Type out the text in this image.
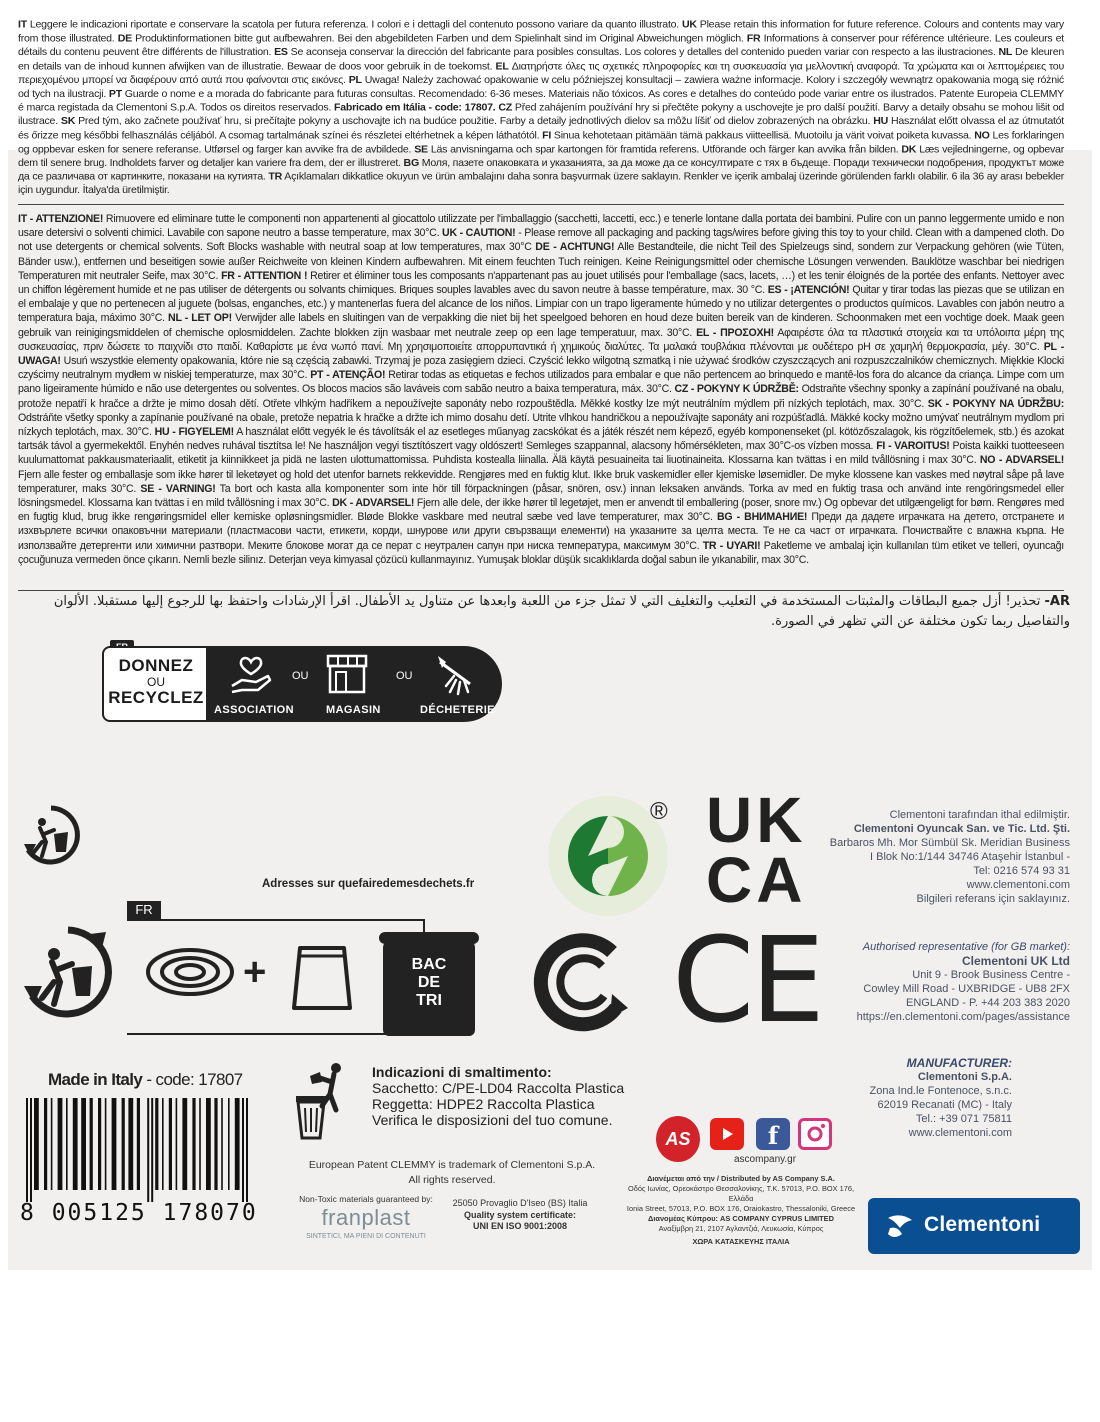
IT Leggere le indicazioni riportate e conservare la scatola per futura referenza. I colori e i dettagli del contenuto possono variare da quanto illustrato. UK Please retain this information for future reference. Colours and contents may vary from those illustrated. DE Produktinformationen bitte gut aufbewahren. Bei den abgebildeten Farben und dem Spielinhalt sind im Original Abweichungen möglich. FR Informations à conserver pour référence ultérieure. Les couleurs et détails du contenu peuvent être différents de l'illustration. ES Se aconseja conservar la dirección del fabricante para posibles consultas. Los colores y detalles del contenido pueden variar con respecto a las ilustraciones. NL De kleuren en details van de inhoud kunnen afwijken van de illustratie. Bewaar de doos voor gebruik in de toekomst. EL Διατηρήστε όλες τις σχετικές πληροφορίες και τη συσκευασία για μελλοντική αναφορά. Τα χρώματα και οι λεπτομέρειες του περιεχομένου μπορεί να διαφέρουν από αυτά που φαίνονται στις εικόνες. PL Uwaga! Należy zachować opakowanie w celu późniejszej konsultacji – zawiera ważne informacje. Kolory i szczegóły wewnątrz opakowania mogą się różnić od tych na ilustracji. PT Guarde o nome e a morada do fabricante para futuras consultas. Recomendado: 6-36 meses. Materiais não tóxicos. As cores e detalhes do conteúdo pode variar entre os ilustrados. Patente Europeia CLEMMY é marca registada da Clementoni S.p.A. Todos os direitos reservados. Fabricado em Itália - code: 17807. CZ Před zahájením používání hry si přečtěte pokyny a uschovejte je pro další použití. Barvy a detaily obsahu se mohou lišit od ilustrace. SK Pred tým, ako začnete používať hru, si prečítajte pokyny a uschovajte ich na budúce použitie. Farby a detaily jednotlivých dielov sa môžu líšiť od dielov zobrazených na obrázku. HU Használat előtt olvassa el az útmutatót és őrizze meg későbbi felhasználás céljából. A csomag tartalmának színei és részletei eltérhetnek a képen láthatótól. FI Sinua kehotetaan pitämään tämä pakkaus viitteellisä. Muotoilu ja värit voivat poiketa kuvassa. NO Les forklaringen og oppbevar esken for senere referanse. Utførsel og farger kan avvike fra de avbildede. SE Läs anvisningarna och spar kartongen för framtida referens. Utförande och färger kan avvika från bilden. DK Læs vejledningerne, og opbevar dem til senere brug. Indholdets farver og detaljer kan variere fra dem, der er illustreret. BG Моля, пазете опаковката и указанията, за да може да се консултирате с тях в бъдеще. Поради технически подобрения, продуктът може да се различава от картинките, показани на кутията. TR Açıklamaları dikkatlice okuyun ve ürün ambalajını daha sonra başvurmak üzere saklayın. Renkler ve içerik ambalaj üzerinde görülenden farklı olabilir. 6 ila 36 ay arası bebekler için uygundur. İtalya'da üretilmiştir.
IT - ATTENZIONE! Rimuovere ed eliminare tutte le componenti non appartenenti al giocattolo utilizzate per l'imballaggio (sacchetti, laccetti, ecc.) e tenerle lontane dalla portata dei bambini. Pulire con un panno leggermente umido e non usare detersivi o solventi chimici. Lavabile con sapone neutro a basse temperature, max 30°C. UK - CAUTION! - Please remove all packaging and packing tags/wires before giving this toy to your child. Clean with a dampened cloth. Do not use detergents or chemical solvents. Soft Blocks washable with neutral soap at low temperatures, max 30°C DE - ACHTUNG! Alle Bestandteile, die nicht Teil des Spielzeugs sind, sondern zur Verpackung gehören (wie Tüten, Bänder usw.), entfernen und beseitigen sowie außer Reichweite von kleinen Kindern aufbewahren. Mit einem feuchten Tuch reinigen. Keine Reinigungsmittel oder chemische Lösungen verwenden. Bauklötze waschbar bei niedrigen Temperaturen mit neutraler Seife, max 30°C. FR - ATTENTION ! Retirer et éliminer tous les composants n'appartenant pas au jouet utilisés pour l'emballage (sacs, lacets, …) et les tenir éloignés de la portée des enfants. Nettoyer avec un chiffon légèrement humide et ne pas utiliser de détergents ou solvants chimiques. Briques souples lavables avec du savon neutre à basse température, max. 30 °C. ES - ¡ATENCIÓN! Quitar y tirar todas las piezas que se utilizan en el embalaje y que no pertenecen al juguete (bolsas, enganches, etc.) y mantenerlas fuera del alcance de los niños. Limpiar con un trapo ligeramente húmedo y no utilizar detergentes o productos químicos. Lavables con jabón neutro a temperatura baja, máximo 30°C. NL - LET OP! Verwijder alle labels en sluitingen van de verpakking die niet bij het speelgoed behoren en houd deze buiten bereik van de kinderen. Schoonmaken met een vochtige doek. Maak geen gebruik van reinigingsmiddelen of chemische oplosmiddelen. Zachte blokken zijn wasbaar met neutrale zeep op een lage temperatuur, max. 30°C. EL - ΠΡΟΣΟΧΗ! Αφαιρέστε όλα τα πλαστικά στοιχεία και τα υπόλοιπα μέρη της συσκευασίας, πριν δώσετε το παιχνίδι στο παιδί. Καθαρίστε με ένα νωπό πανί. Μη χρησιμοποιείτε απορρυπαντικά ή χημικούς διαλύτες. Τα μαλακά τουβλάκια πλένονται με ουδέτερο pH σε χαμηλή θερμοκρασία, μέγ. 30°C. PL - UWAGA! Usuń wszystkie elementy opakowania, które nie są częścią zabawki. Trzymaj je poza zasięgiem dzieci. Czyścić lekko wilgotną szmatką i nie używać środków czyszczących ani rozpuszczalników chemicznych. Miękkie Klocki czyścimy neutralnym mydłem w niskiej temperaturze, max 30°C. PT - ATENÇÃO! Retirar todas as etiquetas e fechos utilizados para embalar e que não pertencem ao brinquedo e mantê-los fora do alcance da criança. Limpe com um pano ligeiramente húmido e não use detergentes ou solventes. Os blocos macios são laváveis com sabão neutro a baixa temperatura, máx. 30°C. CZ - POKYNY K ÚDRŽBĚ: Odstraňte všechny sponky a zapínání používané na obalu, protože nepatří k hračce a držte je mimo dosah dětí. Otřete vlhkým hadříkem a nepoužívejte saponáty nebo rozpouštědla. Měkké kostky lze mýt neutrálním mýdlem při nízkých teplotách, max. 30°C. SK - POKYNY NA ÚDRŽBU: Odstráňte všetky sponky a zapínanie používané na obale, pretože nepatria k hračke a držte ich mimo dosahu detí. Utrite vlhkou handričkou a nepoužívajte saponáty ani rozpúšťadlá. Mäkké kocky možno umývať neutrálnym mydlom pri nízkych teplotách, max. 30°C. HU - FIGYELEM! A használat előtt vegyék le és távolítsák el az esetleges műanyag zacskókat és a játék részét nem képező, egyéb komponenseket (pl. kötözőszalagok, kis rögzítőelemek, stb.) és azokat tartsák távol a gyermekektől. Enyhén nedves ruhával tisztítsa le! Ne használjon vegyi tisztítószert vagy oldószert! Semleges szappannal, alacsony hőmérsékleten, max 30°C-os vízben mossa. FI - VAROITUS! Poista kaikki tuotteeseen kuulumattomat pakkausmateriaalit, etiketit ja kiinnikkeet ja pidä ne lasten ulottumattomissa. Puhdista kostealla liinalla. Älä käytä pesuaineita tai liuotinaineita. Klossarna kan tvättas i en mild tvållösning i max 30°C. NO - ADVARSEL! Fjern alle fester og emballasje som ikke hører til leketøyet og hold det utenfor barnets rekkevidde. Rengjøres med en fuktig klut. Ikke bruk vaskemidler eller kjemiske løsemidler. De myke klossene kan vaskes med nøytral såpe på lave temperaturer, maks 30°C. SE - VARNING! Ta bort och kasta alla komponenter som inte hör till förpackningen (påsar, snören, osv.) innan leksaken används. Torka av med en fuktig trasa och använd inte rengöringsmedel eller lösningsmedel. Klossarna kan tvättas i en mild tvållösning i max 30°C. DK - ADVARSEL! Fjern alle dele, der ikke hører til legetøjet, men er anvendt til emballering (poser, snore mv.) Og opbevar det utilgængeligt for børn. Rengøres med en fugtig klud, brug ikke rengøringsmidel eller kemiske opløsningsmidler. Bløde Blokke vaskbare med neutral sæbe ved lave temperaturer, max 30°C. BG - ВНИМАНИЕ! Преди да дадете играчката на детето, отстранете и изхвърлете всички опаковъчни материали (пластмасови части, етикети, корди, шнурове или други свързващи елементи) на указаните за целта места. Те не са част от играчката. Почиствайте с влажна кърпа. Не използвайте детергенти или химични разтвори. Меките блокове могат да се перат с неутрален сапун при ниска температура, максимум 30°C. TR - UYARI! Paketleme ve ambalaj için kullanılan tüm etiket ve telleri, oyuncağı çocuğunuza vermeden önce çıkarın. Nemli bezle silinız. Deterjan veya kimyasal çözücü kullanmayınız. Yumuşak bloklar düşük sıcaklıklarda doğal sabun ile yıkanabilir, max 30°C.
AR- تحذير! أزل جميع البطاقات والمثبتات المستخدمة في التعليب والتغليف التي لا تمثل جزء من اللعبة وابعدها عن متناول يد الأطفال. اقرأ الإرشادات واحتفظ بها للرجوع إليها مستقبلا. الألوان والتفاصيل ربما تكون مختلفة عن التي تظهر في الصورة.
DONNEZ
OU
RECYCLEZ
OU	OU
ASSOCIATION	MAGASIN	DÉCHETERIE
Adresses sur quefairedemesdechets.fr
FR
+	BAC
DE
TRI
® UK
CA
CE
Clementoni tarafından ithal edilmiştir.
Clementoni Oyuncak San. ve Tic. Ltd. Şti.
Barbaros Mh. Mor Sümbül Sk. Meridian Business
I Blok No:1/144 34746 Ataşehir İstanbul -
Tel: 0216 574 93 31
www.clementoni.com
Bilgileri referans için saklayınız.
Authorised representative (for GB market):
Clementoni UK Ltd
Unit 9 - Brook Business Centre -
Cowley Mill Road - UXBRIDGE - UB8 2FX
ENGLAND - P. +44 203 383 2020
https://en.clementoni.com/pages/assistance
MANUFACTURER:
Clementoni S.p.A.
Zona Ind.le Fontenoce, s.n.c.
62019 Recanati (MC) - Italy
Tel.: +39 071 75811
www.clementoni.com
Made in Italy - code: 17807
8 005125 178070
Indicazioni di smaltimento:
Sacchetto: C/PE-LD04 Raccolta Plastica
Reggetta: HDPE2 Raccolta Plastica
Verifica le disposizioni del tuo comune.
European Patent CLEMMY is trademark of Clementoni S.p.A.
All rights reserved.
Non-Toxic materials guaranteed by:
franplast
SINTETICI, MA PIENI DI CONTENUTI
25050 Provaglio D'Iseo (BS) Italia
Quality system certificate:
UNI EN ISO 9001:2008
AS	f
ascompany.gr
Διανέμεται από την / Distributed by AS Company S.A.
Οδός Ιωνίας, Ορεοκάστρο Θεσσαλονίκης, T.K. 57013, P.O. BOX 176, Ελλάδα
Ionia Street, 57013, P.O. BOX 176, Oraiokastro, Thessaloniki, Greece
Διανομέας Κύπρου: AS COMPANY CYPRUS LIMITED
Αναξίμβρη 21, 2107 Αγλαντζιά, Λευκωσία, Κύπρος
ΧΩΡΑ ΚΑΤΑΣΚΕΥΗΣ ΙΤΑΛΙΑ
Clementoni
